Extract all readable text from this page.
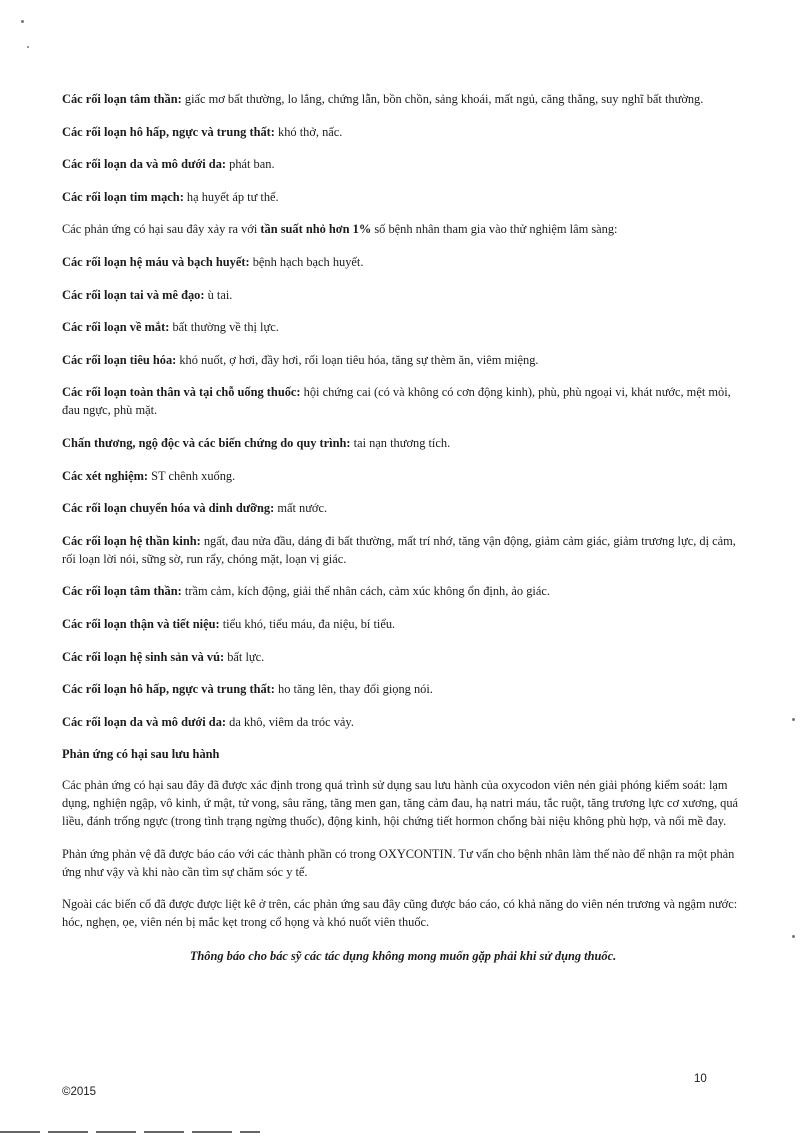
Các rối loạn tâm thần: giấc mơ bất thường, lo lắng, chứng lẫn, bồn chồn, sảng khoái, mất ngủ, căng thẳng, suy nghĩ bất thường.

Các rối loạn hô hấp, ngực và trung thất: khó thở, nấc.

Các rối loạn da và mô dưới da: phát ban.

Các rối loạn tim mạch: hạ huyết áp tư thế.

Các phản ứng có hại sau đây xảy ra với tần suất nhỏ hơn 1% số bệnh nhân tham gia vào thử nghiệm lâm sàng:

Các rối loạn hệ máu và bạch huyết: bệnh hạch bạch huyết.

Các rối loạn tai và mê đạo: ù tai.

Các rối loạn về mắt: bất thường về thị lực.

Các rối loạn tiêu hóa: khó nuốt, ợ hơi, đầy hơi, rối loạn tiêu hóa, tăng sự thèm ăn, viêm miệng.

Các rối loạn toàn thân và tại chỗ uống thuốc: hội chứng cai (có và không có cơn động kinh), phù, phù ngoại vi, khát nước, mệt mỏi, đau ngực, phù mặt.

Chấn thương, ngộ độc và các biến chứng do quy trình: tai nạn thương tích.

Các xét nghiệm: ST chênh xuống.

Các rối loạn chuyển hóa và dinh dưỡng: mất nước.

Các rối loạn hệ thần kinh: ngất, đau nửa đầu, dáng đi bất thường, mất trí nhớ, tăng vận động, giảm cảm giác, giảm trương lực, dị cảm, rối loạn lời nói, sững sờ, run rẩy, chóng mặt, loạn vị giác.

Các rối loạn tâm thần: trầm cảm, kích động, giải thể nhân cách, cảm xúc không ổn định, ảo giác.

Các rối loạn thận và tiết niệu: tiểu khó, tiểu máu, đa niệu, bí tiểu.

Các rối loạn hệ sinh sản và vú: bất lực.

Các rối loạn hô hấp, ngực và trung thất: ho tăng lên, thay đổi giọng nói.

Các rối loạn da và mô dưới da: da khô, viêm da tróc vảy.

Phản ứng có hại sau lưu hành

Các phản ứng có hại sau đây đã được xác định trong quá trình sử dụng sau lưu hành của oxycodon viên nén giải phóng kiểm soát: lạm dụng, nghiện ngập, vô kinh, ứ mật, tử vong, sâu răng, tăng men gan, tăng cảm đau, hạ natri máu, tắc ruột, tăng trương lực cơ xương, quá liều, đánh trống ngực (trong tình trạng ngừng thuốc), động kinh, hội chứng tiết hormon chống bài niệu không phù hợp, và nổi mề đay.

Phản ứng phản vệ đã được báo cáo với các thành phần có trong OXYCONTIN. Tư vấn cho bệnh nhân làm thế nào để nhận ra một phản ứng như vậy và khi nào cần tìm sự chăm sóc y tế.

Ngoài các biến cố đã được được liệt kê ở trên, các phản ứng sau đây cũng được báo cáo, có khả năng do viên nén trương và ngậm nước: hóc, nghẹn, ọe, viên nén bị mắc kẹt trong cổ họng và khó nuốt viên thuốc.

Thông báo cho bác sỹ các tác dụng không mong muốn gặp phải khi sử dụng thuốc.

©2015
10
